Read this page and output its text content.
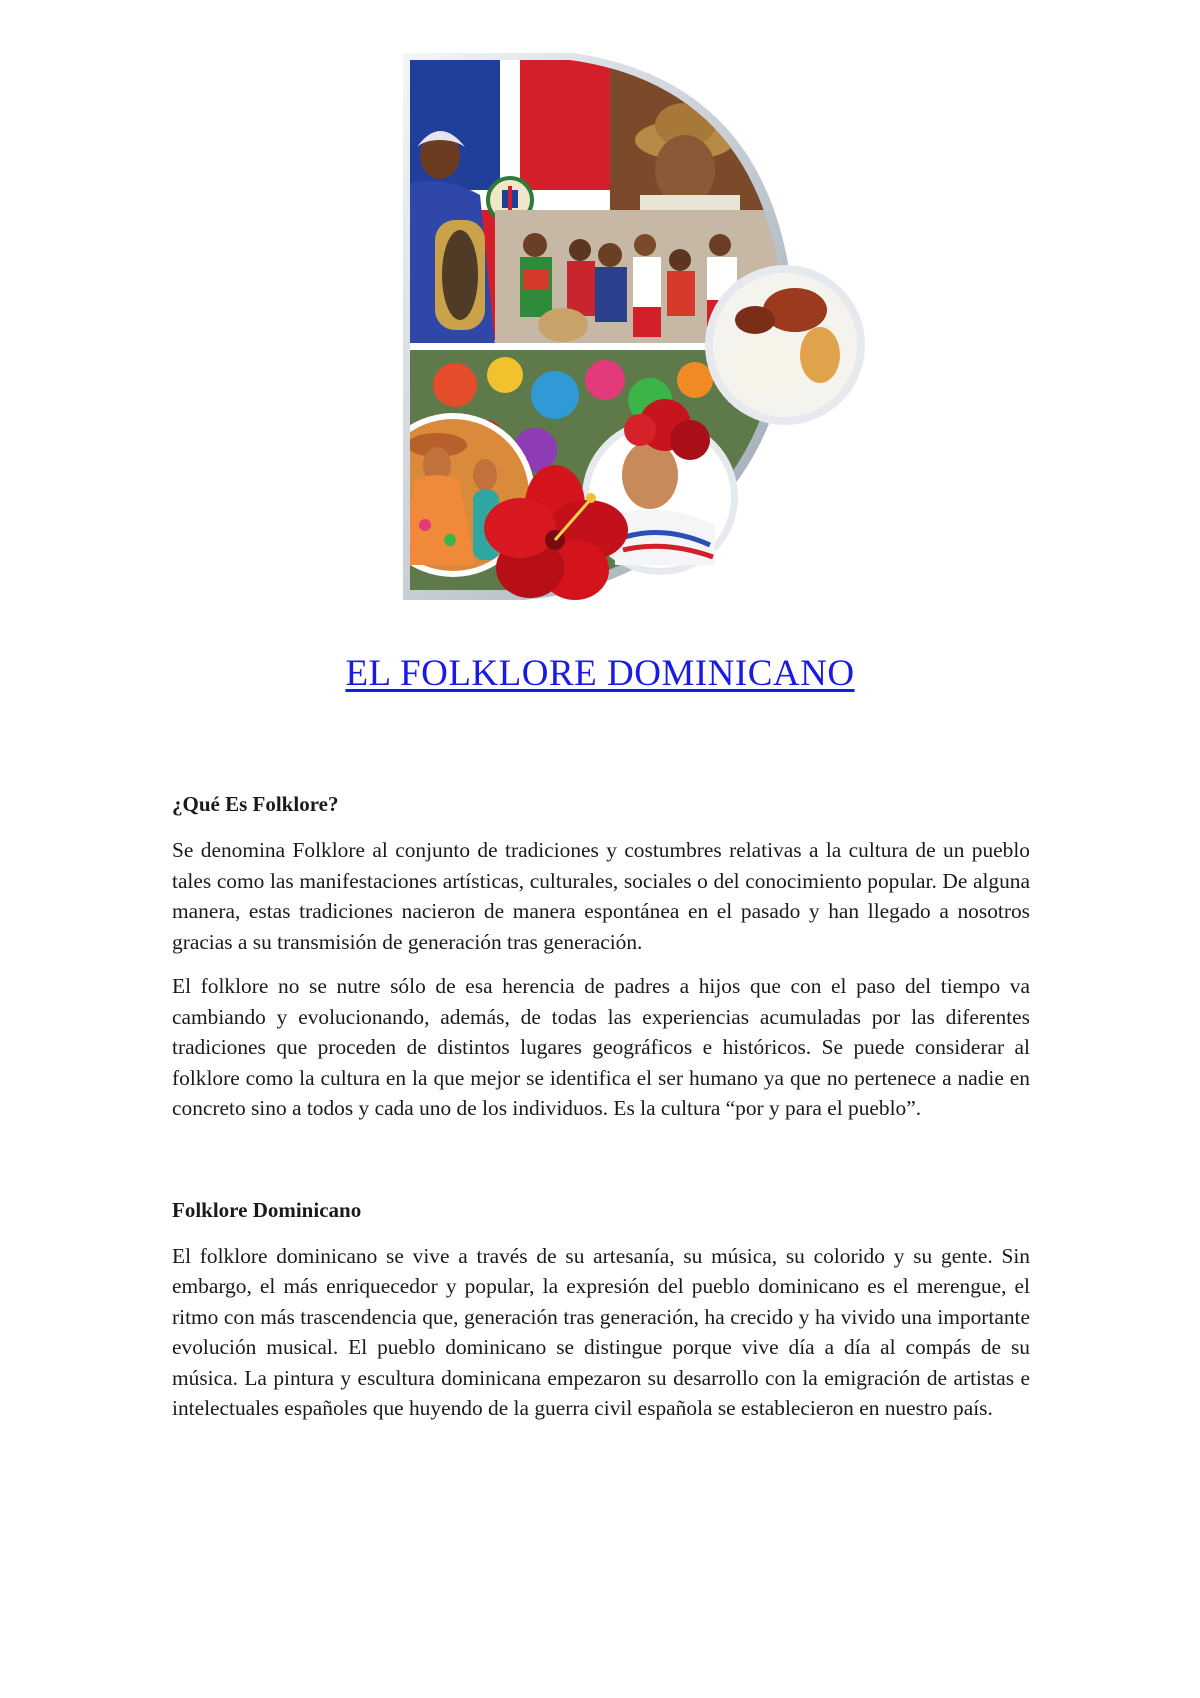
EL FOLKLORE DOMINICANO
¿Qué Es Folklore?

Se denomina Folklore al conjunto de tradiciones y costumbres relativas a la cultura de un pueblo tales como las manifestaciones artísticas, culturales, sociales o del conocimiento popular. De alguna manera, estas tradiciones nacieron de manera espontánea en el pasado y han llegado a nosotros gracias a su transmisión de generación tras generación.

El folklore no se nutre sólo de esa herencia de padres a hijos que con el paso del tiempo va cambiando y evolucionando, además, de todas las experiencias acumuladas por las diferentes tradiciones que proceden de distintos lugares geográficos e históricos. Se puede considerar al folklore como la cultura en la que mejor se identifica el ser humano ya que no pertenece a nadie en concreto sino a todos y cada uno de los individuos. Es la cultura “por y para el pueblo”.

Folklore Dominicano

El folklore dominicano se vive a través de su artesanía, su música, su colorido y su gente. Sin embargo, el más enriquecedor y popular, la expresión del pueblo dominicano es el merengue, el ritmo con más trascendencia que, generación tras generación, ha crecido y ha vivido una importante evolución musical. El pueblo dominicano se distingue porque vive día a día al compás de su música. La pintura y escultura dominicana empezaron su desarrollo con la emigración de artistas e intelectuales españoles que huyendo de la guerra civil española se establecieron en nuestro país.
